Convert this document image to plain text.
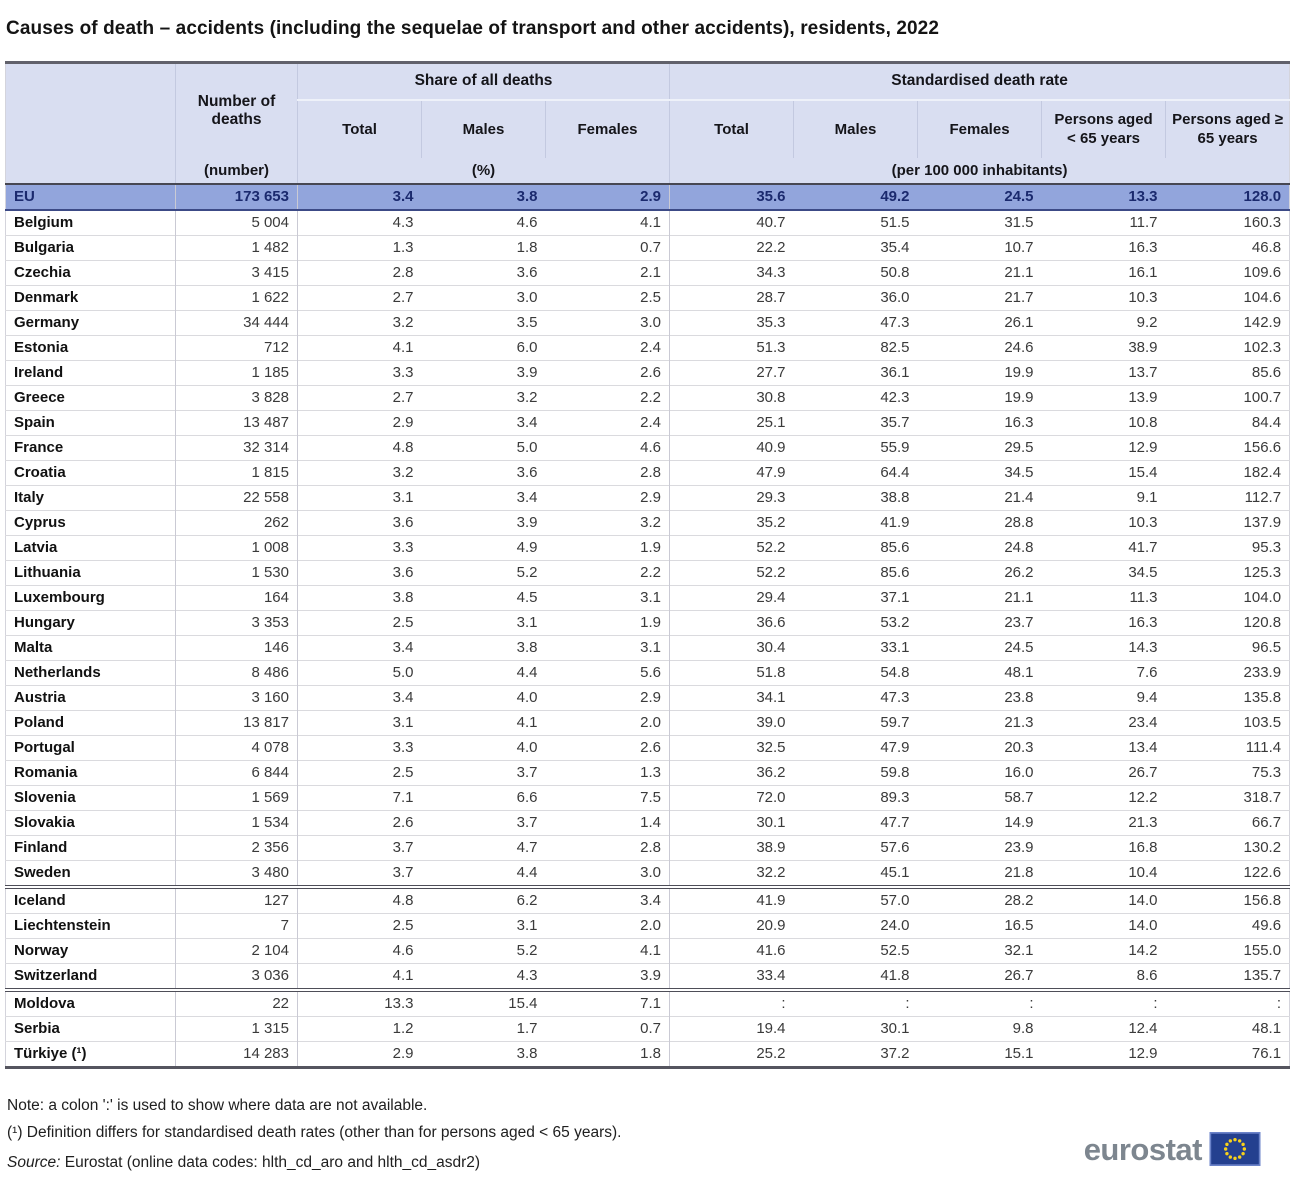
Causes of death – accidents (including the sequelae of transport and other accidents), residents, 2022
	Number of deaths	Share of all deaths			Standardised death rate				
		Total	Males	Females	Total	Males	Females	Persons aged < 65 years	Persons aged ≥ 65 years
	(number)	(%)			(per 100 000 inhabitants)				
EU	173 653	3.4	3.8	2.9	35.6	49.2	24.5	13.3	128.0
Belgium	5 004	4.3	4.6	4.1	40.7	51.5	31.5	11.7	160.3
Bulgaria	1 482	1.3	1.8	0.7	22.2	35.4	10.7	16.3	46.8
Czechia	3 415	2.8	3.6	2.1	34.3	50.8	21.1	16.1	109.6
Denmark	1 622	2.7	3.0	2.5	28.7	36.0	21.7	10.3	104.6
Germany	34 444	3.2	3.5	3.0	35.3	47.3	26.1	9.2	142.9
Estonia	712	4.1	6.0	2.4	51.3	82.5	24.6	38.9	102.3
Ireland	1 185	3.3	3.9	2.6	27.7	36.1	19.9	13.7	85.6
Greece	3 828	2.7	3.2	2.2	30.8	42.3	19.9	13.9	100.7
Spain	13 487	2.9	3.4	2.4	25.1	35.7	16.3	10.8	84.4
France	32 314	4.8	5.0	4.6	40.9	55.9	29.5	12.9	156.6
Croatia	1 815	3.2	3.6	2.8	47.9	64.4	34.5	15.4	182.4
Italy	22 558	3.1	3.4	2.9	29.3	38.8	21.4	9.1	112.7
Cyprus	262	3.6	3.9	3.2	35.2	41.9	28.8	10.3	137.9
Latvia	1 008	3.3	4.9	1.9	52.2	85.6	24.8	41.7	95.3
Lithuania	1 530	3.6	5.2	2.2	52.2	85.6	26.2	34.5	125.3
Luxembourg	164	3.8	4.5	3.1	29.4	37.1	21.1	11.3	104.0
Hungary	3 353	2.5	3.1	1.9	36.6	53.2	23.7	16.3	120.8
Malta	146	3.4	3.8	3.1	30.4	33.1	24.5	14.3	96.5
Netherlands	8 486	5.0	4.4	5.6	51.8	54.8	48.1	7.6	233.9
Austria	3 160	3.4	4.0	2.9	34.1	47.3	23.8	9.4	135.8
Poland	13 817	3.1	4.1	2.0	39.0	59.7	21.3	23.4	103.5
Portugal	4 078	3.3	4.0	2.6	32.5	47.9	20.3	13.4	111.4
Romania	6 844	2.5	3.7	1.3	36.2	59.8	16.0	26.7	75.3
Slovenia	1 569	7.1	6.6	7.5	72.0	89.3	58.7	12.2	318.7
Slovakia	1 534	2.6	3.7	1.4	30.1	47.7	14.9	21.3	66.7
Finland	2 356	3.7	4.7	2.8	38.9	57.6	23.9	16.8	130.2
Sweden	3 480	3.7	4.4	3.0	32.2	45.1	21.8	10.4	122.6
Iceland	127	4.8	6.2	3.4	41.9	57.0	28.2	14.0	156.8
Liechtenstein	7	2.5	3.1	2.0	20.9	24.0	16.5	14.0	49.6
Norway	2 104	4.6	5.2	4.1	41.6	52.5	32.1	14.2	155.0
Switzerland	3 036	4.1	4.3	3.9	33.4	41.8	26.7	8.6	135.7
Moldova	22	13.3	15.4	7.1	:	:	:	:	:
Serbia	1 315	1.2	1.7	0.7	19.4	30.1	9.8	12.4	48.1
Türkiye (¹)	14 283	2.9	3.8	1.8	25.2	37.2	15.1	12.9	76.1

Note: a colon ':' is used to show where data are not available.

(¹) Definition differs for standardised death rates (other than for persons aged < 65 years).

Source: Eurostat (online data codes: hlth_cd_aro and hlth_cd_asdr2)	eurostat
